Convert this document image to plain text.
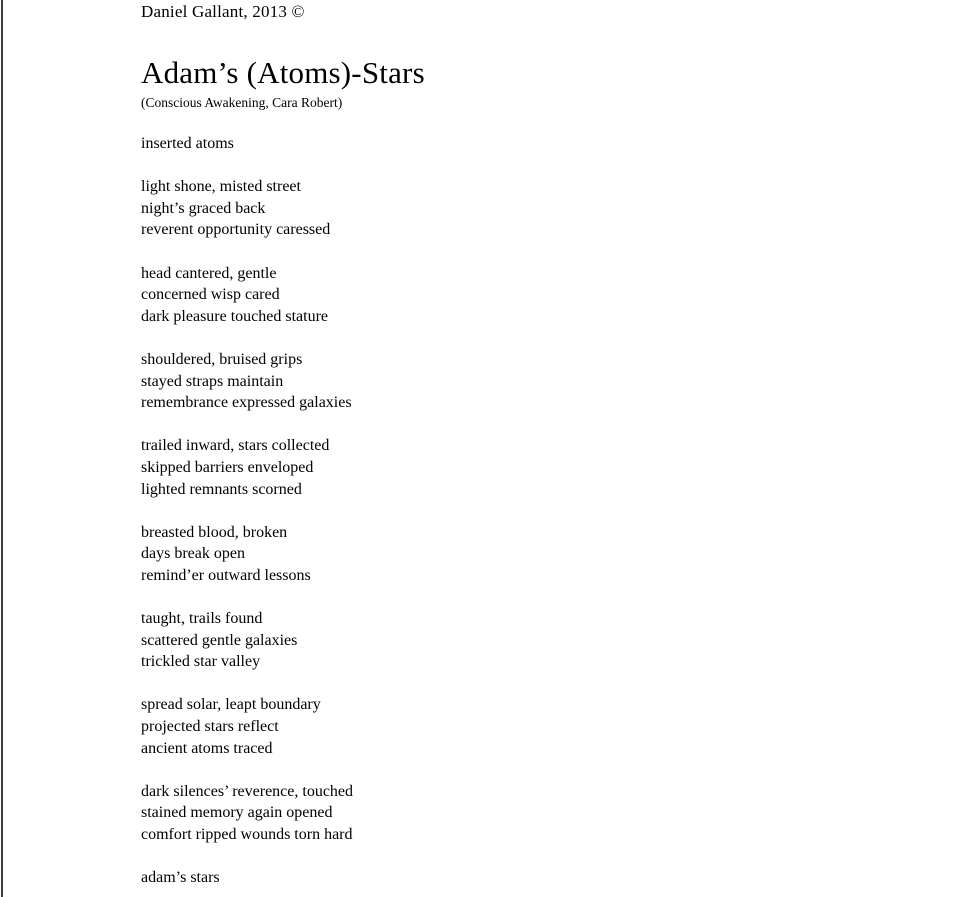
Daniel Gallant, 2013 ©
Adam’s (Atoms)-Stars
(Conscious Awakening, Cara Robert)
inserted atoms
light shone, misted street
night’s graced back
reverent opportunity caressed
head cantered, gentle
concerned wisp cared
dark pleasure touched stature
shouldered, bruised grips
stayed straps maintain
remembrance expressed galaxies
trailed inward, stars collected
skipped barriers enveloped
lighted remnants scorned
breasted blood, broken
days break open
remind’er outward lessons
taught, trails found
scattered gentle galaxies
trickled star valley
spread solar, leapt boundary
projected stars reflect
ancient atoms traced
dark silences’ reverence, touched
stained memory again opened
comfort ripped wounds torn hard
adam’s stars
